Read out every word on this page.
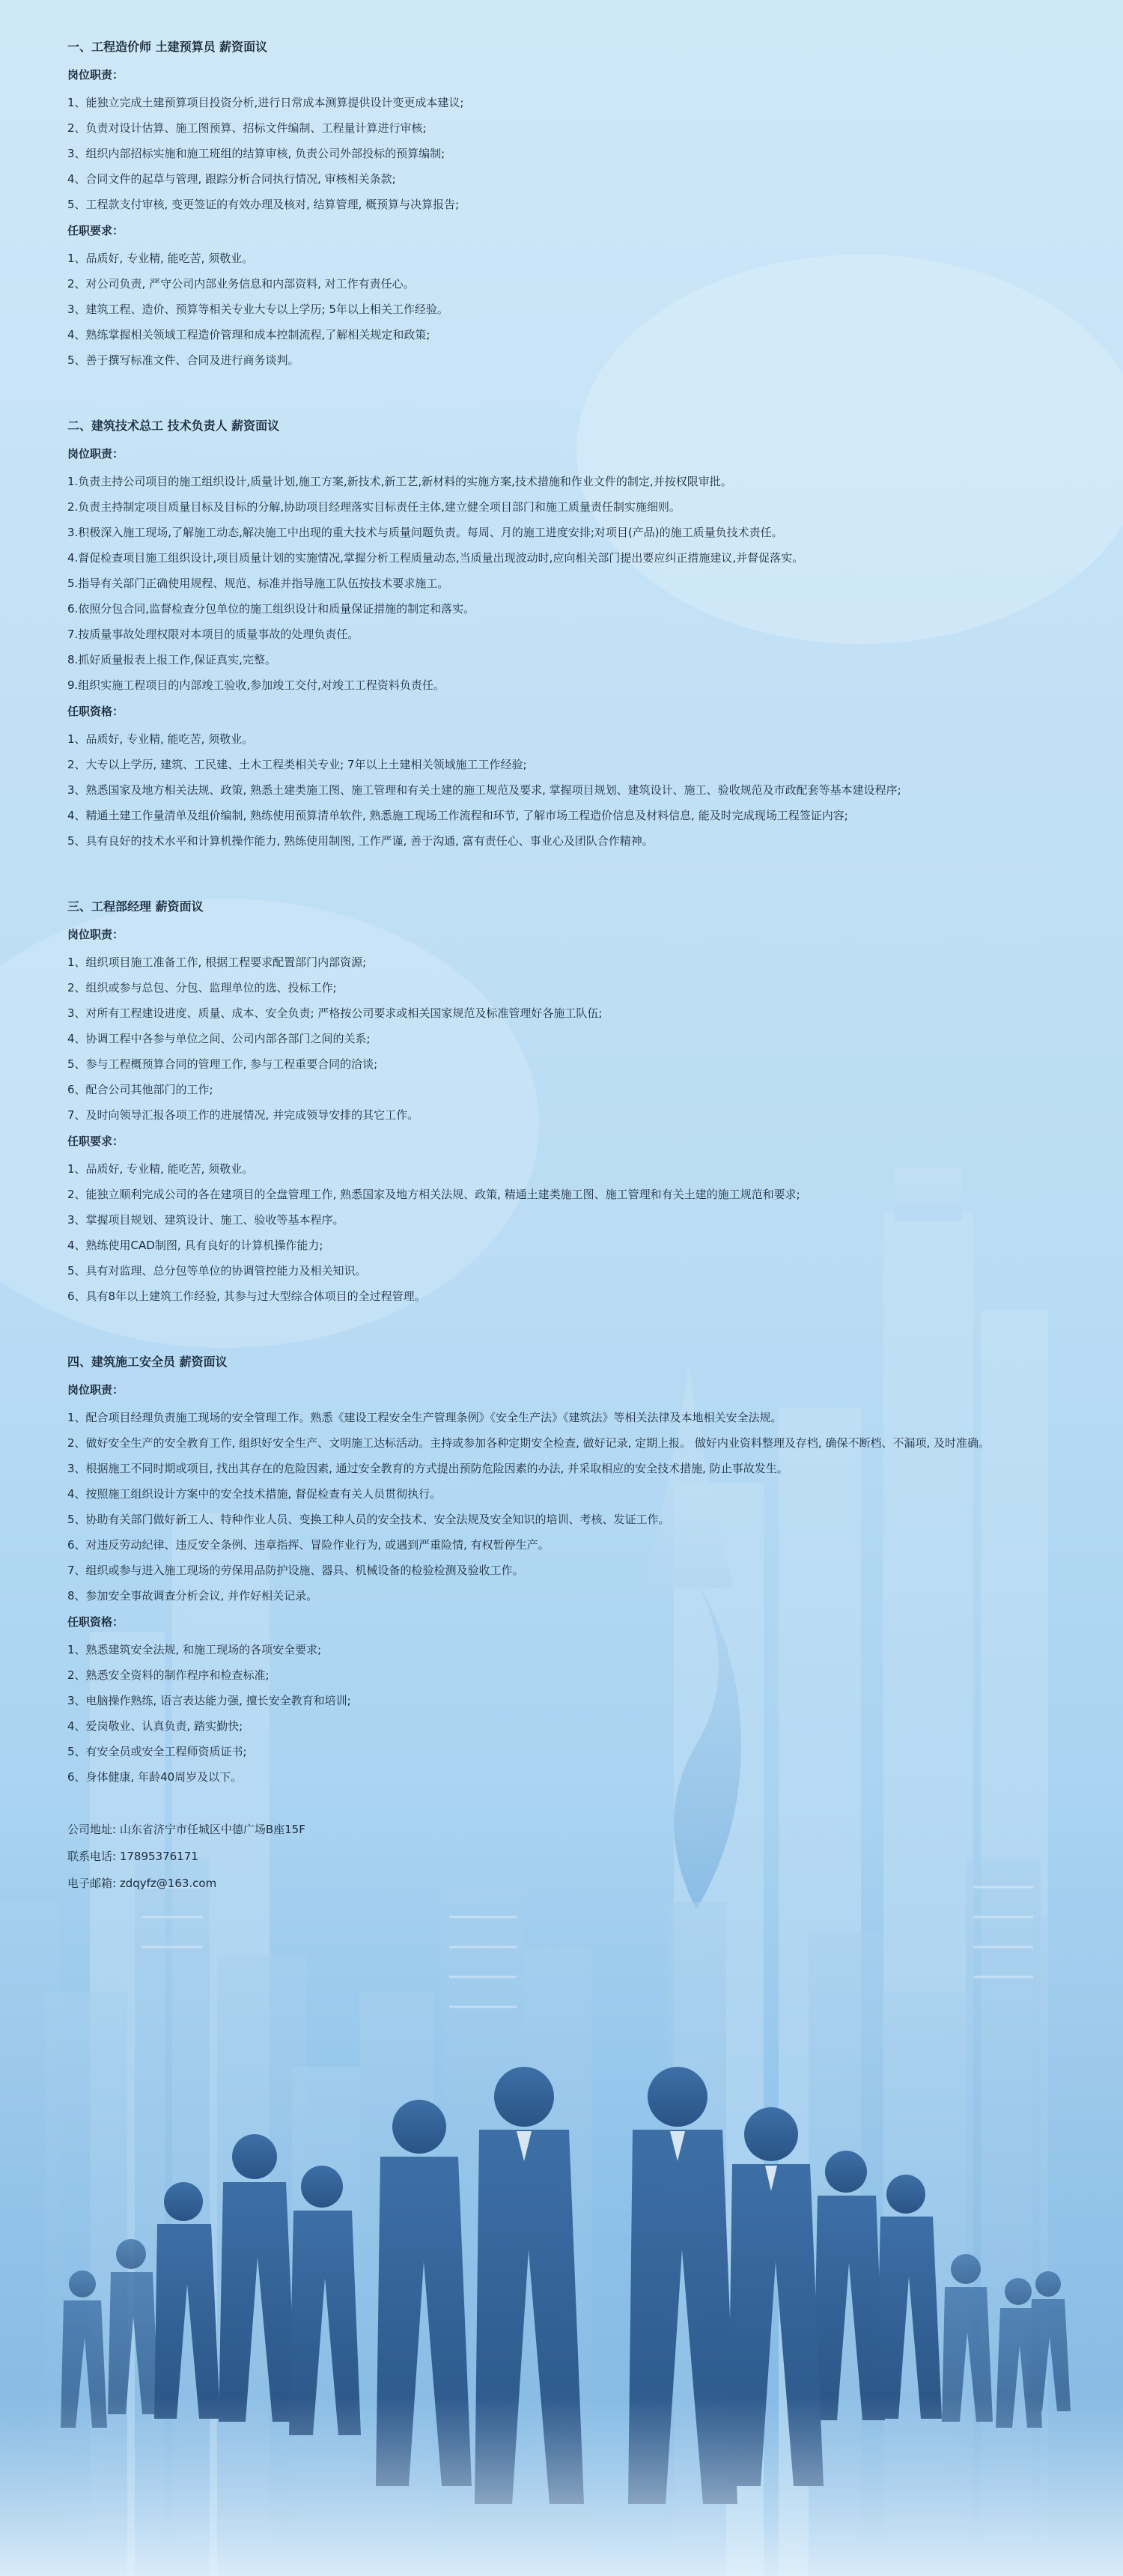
一、工程造价师 土建预算员 薪资面议

岗位职责：

1、能独立完成土建预算项目投资分析,进行日常成本测算提供设计变更成本建议;

2、负责对设计估算、施工图预算、招标文件编制、工程量计算进行审核;

3、组织内部招标实施和施工班组的结算审核, 负责公司外部投标的预算编制;

4、合同文件的起草与管理, 跟踪分析合同执行情况, 审核相关条款;

5、工程款支付审核, 变更签证的有效办理及核对, 结算管理, 概预算与决算报告;

任职要求：

1、品质好, 专业精, 能吃苦, 须敬业。

2、对公司负责, 严守公司内部业务信息和内部资料, 对工作有责任心。

3、建筑工程、造价、预算等相关专业大专以上学历; 5年以上相关工作经验。

4、熟练掌握相关领域工程造价管理和成本控制流程,了解相关规定和政策;

5、善于撰写标准文件、合同及进行商务谈判。

二、建筑技术总工 技术负责人 薪资面议

岗位职责：

1.负责主持公司项目的施工组织设计,质量计划,施工方案,新技术,新工艺,新材料的实施方案,技术措施和作业文件的制定,并按权限审批。

2.负责主持制定项目质量目标及目标的分解,协助项目经理落实目标责任主体,建立健全项目部门和施工质量责任制实施细则。

3.积极深入施工现场,了解施工动态,解决施工中出现的重大技术与质量问题负责。每周、月的施工进度安排;对项目(产品)的施工质量负技术责任。

4.督促检查项目施工组织设计,项目质量计划的实施情况,掌握分析工程质量动态,当质量出现波动时,应向相关部门提出要应纠正措施建议,并督促落实。

5.指导有关部门正确使用规程、规范、标准并指导施工队伍按技术要求施工。

6.依照分包合同,监督检查分包单位的施工组织设计和质量保证措施的制定和落实。

7.按质量事故处理权限对本项目的质量事故的处理负责任。

8.抓好质量报表上报工作,保证真实,完整。

9.组织实施工程项目的内部竣工验收,参加竣工交付,对竣工工程资料负责任。

任职资格：

1、品质好, 专业精, 能吃苦, 须敬业。

2、大专以上学历, 建筑、工民建、土木工程类相关专业; 7年以上土建相关领域施工工作经验;

3、熟悉国家及地方相关法规、政策, 熟悉土建类施工图、施工管理和有关土建的施工规范及要求, 掌握项目规划、建筑设计、施工、验收规范及市政配套等基本建设程序;

4、精通土建工作量清单及组价编制, 熟练使用预算清单软件, 熟悉施工现场工作流程和环节, 了解市场工程造价信息及材料信息, 能及时完成现场工程签证内容;

5、具有良好的技术水平和计算机操作能力, 熟练使用制图, 工作严谨, 善于沟通, 富有责任心、事业心及团队合作精神。

三、工程部经理 薪资面议

岗位职责：

1、组织项目施工准备工作, 根据工程要求配置部门内部资源;

2、组织或参与总包、分包、监理单位的选、投标工作;

3、对所有工程建设进度、质量、成本、安全负责; 严格按公司要求或相关国家规范及标准管理好各施工队伍;

4、协调工程中各参与单位之间、公司内部各部门之间的关系;

5、参与工程概预算合同的管理工作, 参与工程重要合同的洽谈;

6、配合公司其他部门的工作;

7、及时向领导汇报各项工作的进展情况, 并完成领导安排的其它工作。

任职要求：

1、品质好, 专业精, 能吃苦, 须敬业。

2、能独立顺利完成公司的各在建项目的全盘管理工作, 熟悉国家及地方相关法规、政策, 精通土建类施工图、施工管理和有关土建的施工规范和要求;

3、掌握项目规划、建筑设计、施工、验收等基本程序。

4、熟练使用CAD制图, 具有良好的计算机操作能力;

5、具有对监理、总分包等单位的协调管控能力及相关知识。

6、具有8年以上建筑工作经验, 其参与过大型综合体项目的全过程管理。

四、建筑施工安全员 薪资面议

岗位职责：

1、配合项目经理负责施工现场的安全管理工作。熟悉《建设工程安全生产管理条例》《安全生产法》《建筑法》等相关法律及本地相关安全法规。

2、做好安全生产的安全教育工作, 组织好安全生产、文明施工达标活动。主持或参加各种定期安全检查, 做好记录, 定期上报。 做好内业资料整理及存档, 确保不断档、不漏项, 及时准确。

3、根据施工不同时期或项目, 找出其存在的危险因素, 通过安全教育的方式提出预防危险因素的办法, 并采取相应的安全技术措施, 防止事故发生。

4、按照施工组织设计方案中的安全技术措施, 督促检查有关人员贯彻执行。

5、协助有关部门做好新工人、特种作业人员、变换工种人员的安全技术、安全法规及安全知识的培训、考核、发证工作。

6、对违反劳动纪律、违反安全条例、违章指挥、冒险作业行为, 或遇到严重险情, 有权暂停生产。

7、组织或参与进入施工现场的劳保用品防护设施、器具、机械设备的检验检测及验收工作。

8、参加安全事故调查分析会议, 并作好相关记录。

任职资格：

1、熟悉建筑安全法规, 和施工现场的各项安全要求;

2、熟悉安全资料的制作程序和检查标准;

3、电脑操作熟练, 语言表达能力强, 擅长安全教育和培训;

4、爱岗敬业、认真负责, 踏实勤快;

5、有安全员或安全工程师资质证书;

6、身体健康, 年龄40周岁及以下。

公司地址: 山东省济宁市任城区中德广场B座15F

联系电话: 17895376171

电子邮箱: zdqyfz@163.com
